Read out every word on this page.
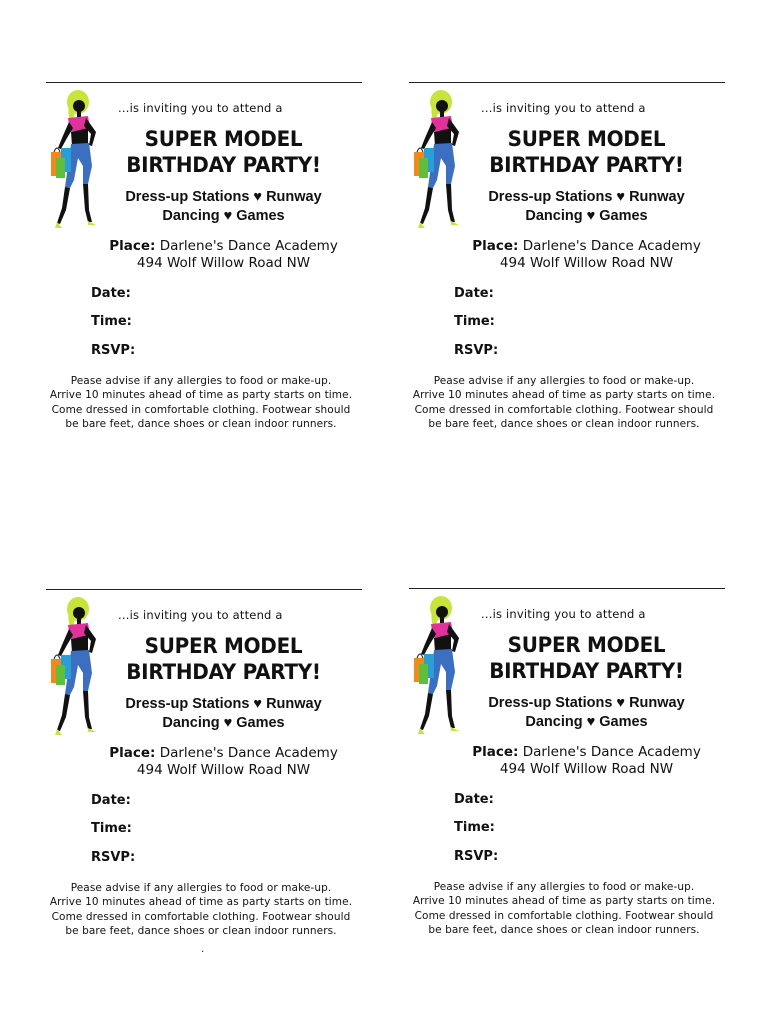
...is inviting you to attend a
SUPER MODEL
BIRTHDAY PARTY!
Dress-up Stations ♥ Runway
Dancing ♥ Games
Place: Darlene's Dance Academy
494 Wolf Willow Road NW
Date:
Time:
RSVP:
Pease advise if any allergies to food or make-up.
Arrive 10 minutes ahead of time as party starts on time.
Come dressed in comfortable clothing. Footwear should
be bare feet, dance shoes or clean indoor runners.
...is inviting you to attend a
SUPER MODEL
BIRTHDAY PARTY!
Dress-up Stations ♥ Runway
Dancing ♥ Games
Place: Darlene's Dance Academy
494 Wolf Willow Road NW
Date:
Time:
RSVP:
Pease advise if any allergies to food or make-up.
Arrive 10 minutes ahead of time as party starts on time.
Come dressed in comfortable clothing. Footwear should
be bare feet, dance shoes or clean indoor runners.
...is inviting you to attend a
SUPER MODEL
BIRTHDAY PARTY!
Dress-up Stations ♥ Runway
Dancing ♥ Games
Place: Darlene's Dance Academy
494 Wolf Willow Road NW
Date:
Time:
RSVP:
Pease advise if any allergies to food or make-up.
Arrive 10 minutes ahead of time as party starts on time.
Come dressed in comfortable clothing. Footwear should
be bare feet, dance shoes or clean indoor runners.
.
...is inviting you to attend a
SUPER MODEL
BIRTHDAY PARTY!
Dress-up Stations ♥ Runway
Dancing ♥ Games
Place: Darlene's Dance Academy
494 Wolf Willow Road NW
Date:
Time:
RSVP:
Pease advise if any allergies to food or make-up.
Arrive 10 minutes ahead of time as party starts on time.
Come dressed in comfortable clothing. Footwear should
be bare feet, dance shoes or clean indoor runners.
